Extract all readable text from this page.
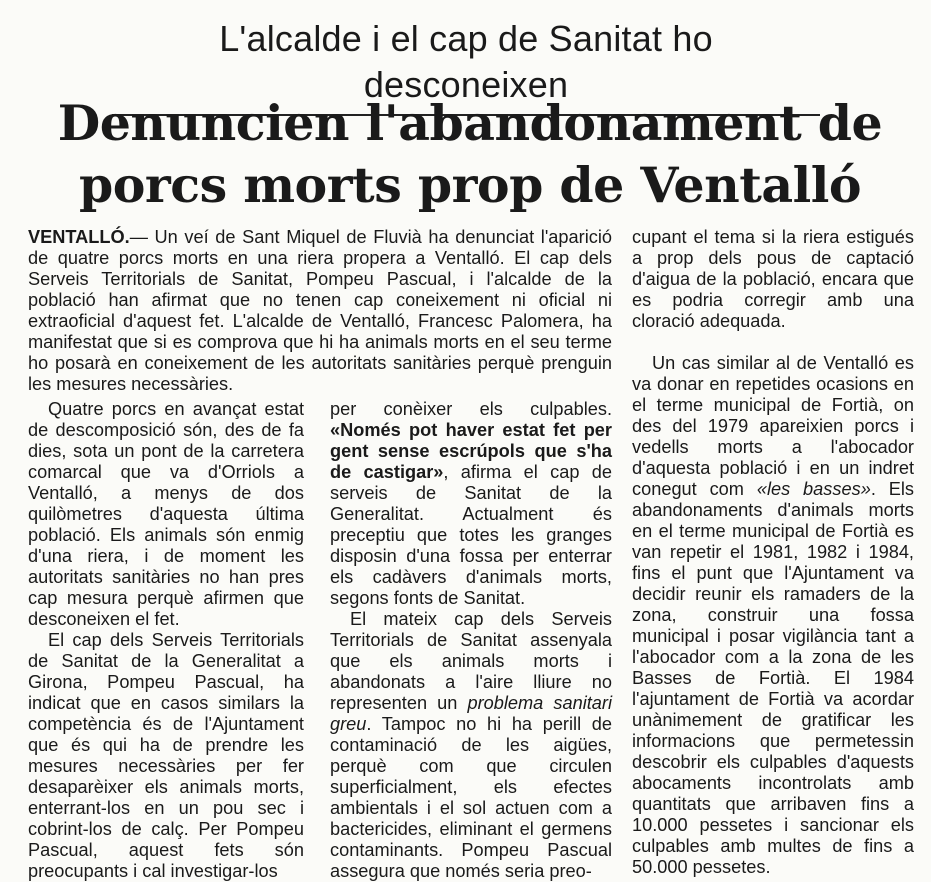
L'alcalde i el cap de Sanitat ho desconeixen
Denuncien l'abandonament de
porcs morts prop de Ventalló

VENTALLÓ.— Un veí de Sant Miquel de Fluvià ha denunciat l'aparició de quatre porcs morts en una riera propera a Ventalló. El cap dels Serveis Territorials de Sanitat, Pompeu Pascual, i l'alcalde de la població han afirmat que no tenen cap coneixement ni oficial ni extraoficial d'aquest fet. L'alcalde de Ventalló, Francesc Palomera, ha manifestat que si es comprova que hi ha animals morts en el seu terme ho posarà en coneixement de les autoritats sanitàries perquè prenguin les mesures necessàries.

Quatre porcs en avançat estat de descomposició són, des de fa dies, sota un pont de la carretera comarcal que va d'Orriols a Ventalló, a menys de dos quilòmetres d'aquesta última població. Els animals són enmig d'una riera, i de moment les autoritats sanitàries no han pres cap mesura perquè afirmen que desconeixen el fet.

El cap dels Serveis Territorials de Sanitat de la Generalitat a Girona, Pompeu Pascual, ha indicat que en casos similars la competència és de l'Ajuntament que és qui ha de prendre les mesures necessàries per fer desaparèixer els animals morts, enterrant-los en un pou sec i cobrint-los de calç. Per Pompeu Pascual, aquest fets són preocupants i cal investigar-los

per conèixer els culpables. «Només pot haver estat fet per gent sense escrúpols que s'ha de castigar», afirma el cap de serveis de Sanitat de la Generalitat. Actualment és preceptiu que totes les granges disposin d'una fossa per enterrar els cadàvers d'animals morts, segons fonts de Sanitat.

El mateix cap dels Serveis Territorials de Sanitat assenyala que els animals morts i abandonats a l'aire lliure no representen un problema sanitari greu. Tampoc no hi ha perill de contaminació de les aigües, perquè com que circulen superficialment, els efectes ambientals i el sol actuen com a bactericides, eliminant el germens contaminants. Pompeu Pascual assegura que només seria preo-

cupant el tema si la riera estigués a prop dels pous de captació d'aigua de la població, encara que es podria corregir amb una cloració adequada.

Un cas similar al de Ventalló es va donar en repetides ocasions en el terme municipal de Fortià, on des del 1979 apareixien porcs i vedells morts a l'abocador d'aquesta població i en un indret conegut com «les basses». Els abandonaments d'animals morts en el terme municipal de Fortià es van repetir el 1981, 1982 i 1984, fins el punt que l'Ajuntament va decidir reunir els ramaders de la zona, construir una fossa municipal i posar vigilància tant a l'abocador com a la zona de les Basses de Fortià. El 1984 l'ajuntament de Fortià va acordar unànimement de gratificar les informacions que permetessin descobrir els culpables d'aquests abocaments incontrolats amb quantitats que arribaven fins a 10.000 pessetes i sancionar els culpables amb multes de fins a 50.000 pessetes.
